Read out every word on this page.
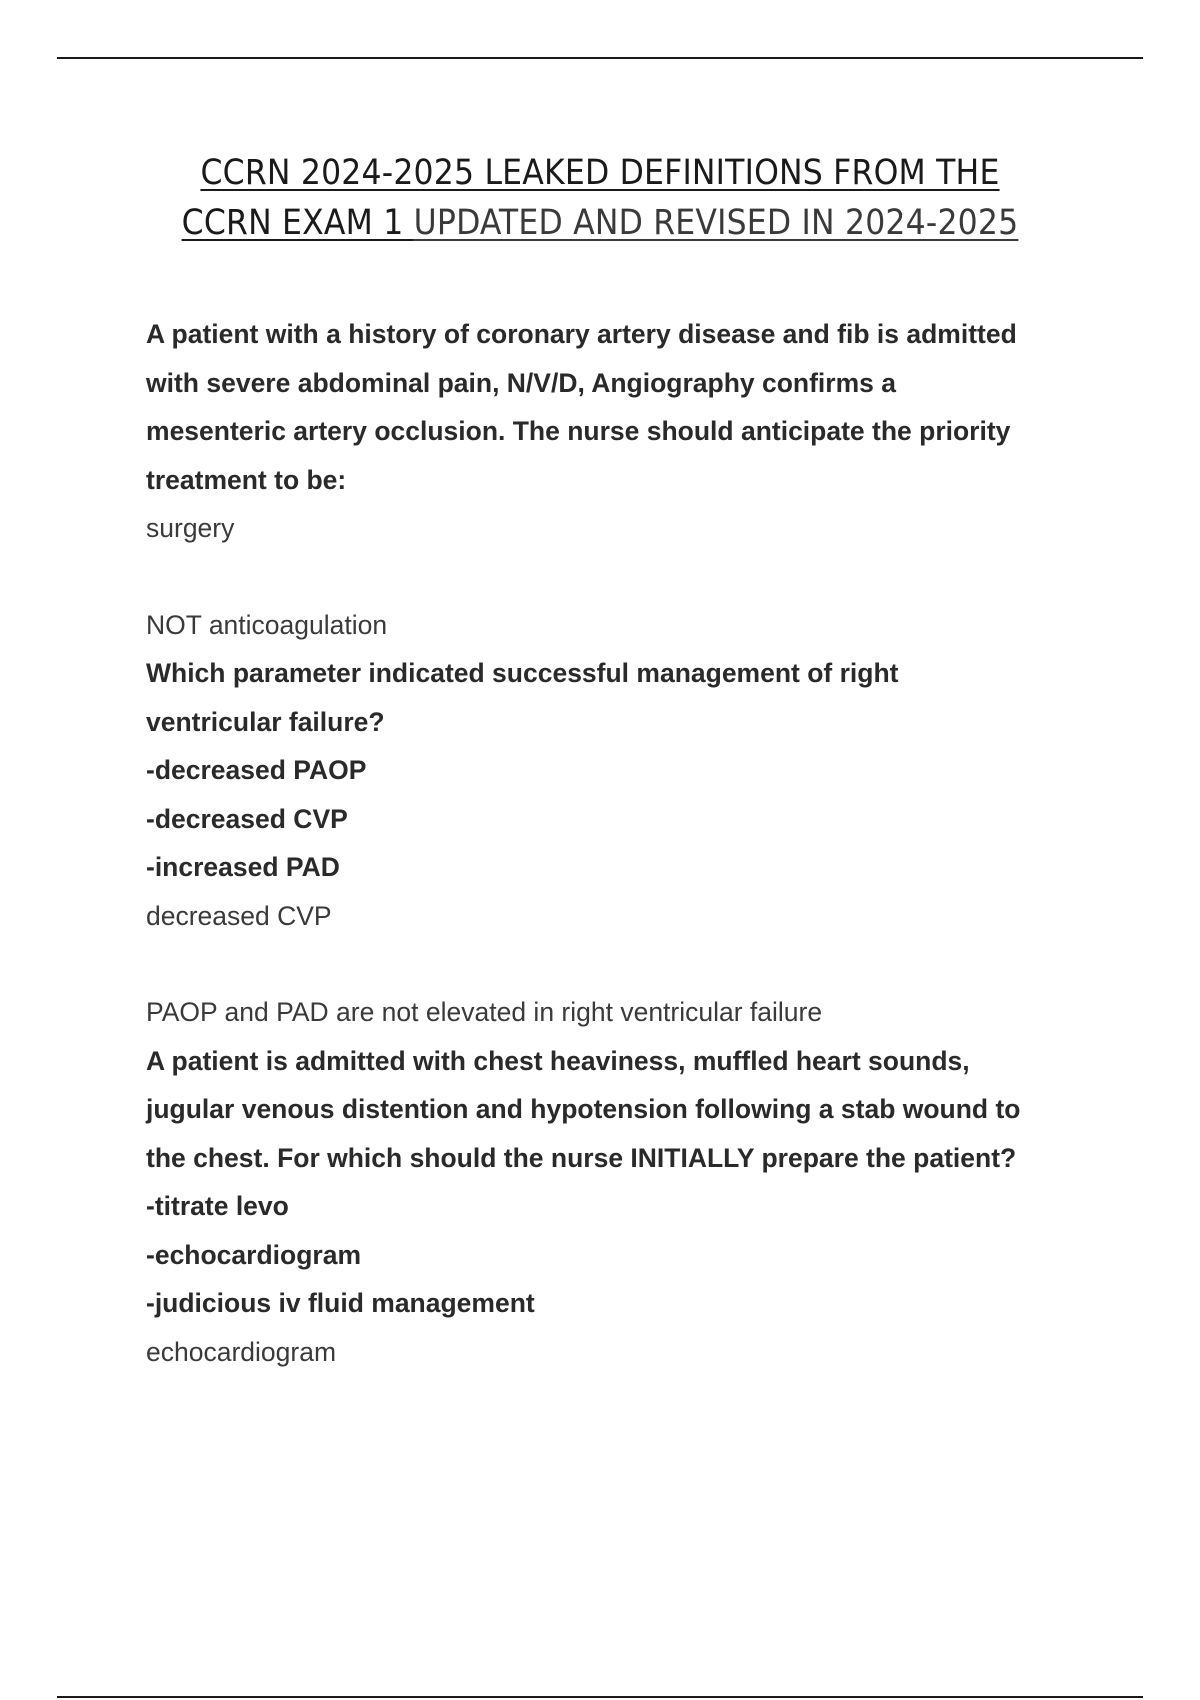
CCRN 2024-2025 LEAKED DEFINITIONS FROM THE
CCRN EXAM 1 UPDATED AND REVISED IN 2024-2025

A patient with a history of coronary artery disease and fib is admitted

with severe abdominal pain, N/V/D, Angiography confirms a

mesenteric artery occlusion. The nurse should anticipate the priority

treatment to be:

surgery

NOT anticoagulation

Which parameter indicated successful management of right

ventricular failure?

-decreased PAOP

-decreased CVP

-increased PAD

decreased CVP

PAOP and PAD are not elevated in right ventricular failure

A patient is admitted with chest heaviness, muffled heart sounds,

jugular venous distention and hypotension following a stab wound to

the chest. For which should the nurse INITIALLY prepare the patient?

-titrate levo

-echocardiogram

-judicious iv fluid management

echocardiogram
